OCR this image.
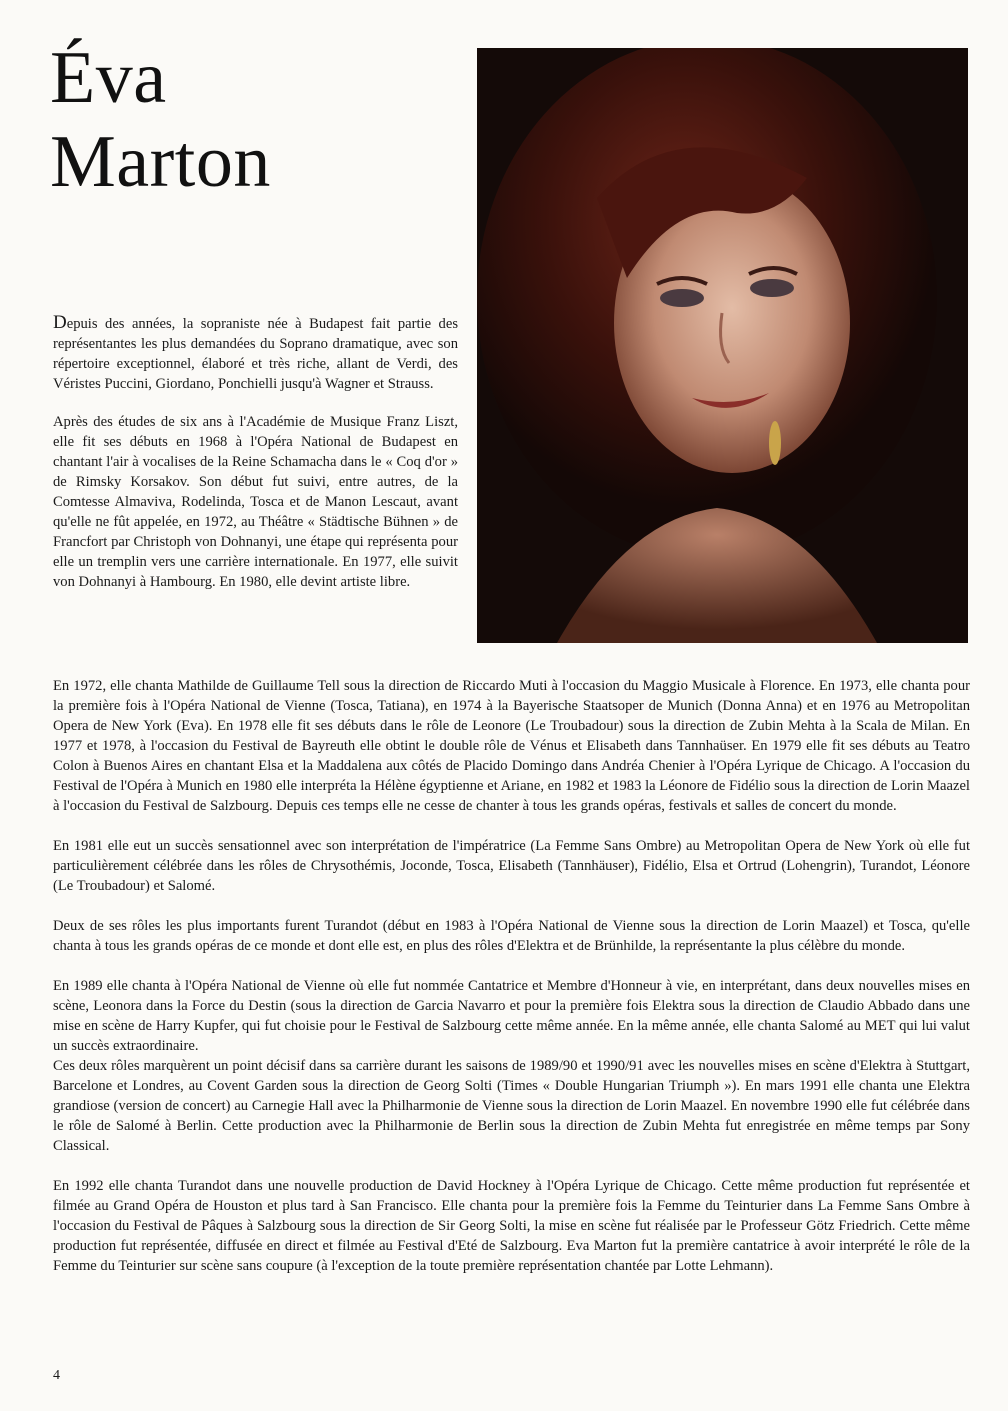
Éva
Marton

Depuis des années, la sopraniste née à Budapest fait partie des représentantes les plus demandées du Soprano dramatique, avec son répertoire exceptionnel, élaboré et très riche, allant de Verdi, des Véristes Puccini, Giordano, Ponchielli jusqu'à Wagner et Strauss.

Après des études de six ans à l'Académie de Musique Franz Liszt, elle fit ses débuts en 1968 à l'Opéra National de Budapest en chantant l'air à vocalises de la Reine Schamacha dans le « Coq d'or » de Rimsky Korsakov. Son début fut suivi, entre autres, de la Comtesse Almaviva, Rodelinda, Tosca et de Manon Lescaut, avant qu'elle ne fût appelée, en 1972, au Théâtre « Städtische Bühnen » de Francfort par Christoph von Dohnanyi, une étape qui représenta pour elle un tremplin vers une carrière internationale. En 1977, elle suivit von Dohnanyi à Hambourg. En 1980, elle devint artiste libre.

En 1972, elle chanta Mathilde de Guillaume Tell sous la direction de Riccardo Muti à l'occasion du Maggio Musicale à Florence. En 1973, elle chanta pour la première fois à l'Opéra National de Vienne (Tosca, Tatiana), en 1974 à la Bayerische Staatsoper de Munich (Donna Anna) et en 1976 au Metropolitan Opera de New York (Eva). En 1978 elle fit ses débuts dans le rôle de Leonore (Le Troubadour) sous la direction de Zubin Mehta à la Scala de Milan. En 1977 et 1978, à l'occasion du Festival de Bayreuth elle obtint le double rôle de Vénus et Elisabeth dans Tannhaüser. En 1979 elle fit ses débuts au Teatro Colon à Buenos Aires en chantant Elsa et la Maddalena aux côtés de Placido Domingo dans Andréa Chenier à l'Opéra Lyrique de Chicago. A l'occasion du Festival de l'Opéra à Munich en 1980 elle interpréta la Hélène égyptienne et Ariane, en 1982 et 1983 la Léonore de Fidélio sous la direction de Lorin Maazel à l'occasion du Festival de Salzbourg. Depuis ces temps elle ne cesse de chanter à tous les grands opéras, festivals et salles de concert du monde.

En 1981 elle eut un succès sensationnel avec son interprétation de l'impératrice (La Femme Sans Ombre) au Metropolitan Opera de New York où elle fut particulièrement célébrée dans les rôles de Chrysothémis, Joconde, Tosca, Elisabeth (Tannhäuser), Fidélio, Elsa et Ortrud (Lohengrin), Turandot, Léonore (Le Troubadour) et Salomé.

Deux de ses rôles les plus importants furent Turandot (début en 1983 à l'Opéra National de Vienne sous la direction de Lorin Maazel) et Tosca, qu'elle chanta à tous les grands opéras de ce monde et dont elle est, en plus des rôles d'Elektra et de Brünhilde, la représentante la plus célèbre du monde.

En 1989 elle chanta à l'Opéra National de Vienne où elle fut nommée Cantatrice et Membre d'Honneur à vie, en interprétant, dans deux nouvelles mises en scène, Leonora dans la Force du Destin (sous la direction de Garcia Navarro et pour la première fois Elektra sous la direction de Claudio Abbado dans une mise en scène de Harry Kupfer, qui fut choisie pour le Festival de Salzbourg cette même année. En la même année, elle chanta Salomé au MET qui lui valut un succès extraordinaire.

Ces deux rôles marquèrent un point décisif dans sa carrière durant les saisons de 1989/90 et 1990/91 avec les nouvelles mises en scène d'Elektra à Stuttgart, Barcelone et Londres, au Covent Garden sous la direction de Georg Solti (Times « Double Hungarian Triumph »). En mars 1991 elle chanta une Elektra grandiose (version de concert) au Carnegie Hall avec la Philharmonie de Vienne sous la direction de Lorin Maazel. En novembre 1990 elle fut célébrée dans le rôle de Salomé à Berlin. Cette production avec la Philharmonie de Berlin sous la direction de Zubin Mehta fut enregistrée en même temps par Sony Classical.

En 1992 elle chanta Turandot dans une nouvelle production de David Hockney à l'Opéra Lyrique de Chicago. Cette même production fut représentée et filmée au Grand Opéra de Houston et plus tard à San Francisco. Elle chanta pour la première fois la Femme du Teinturier dans La Femme Sans Ombre à l'occasion du Festival de Pâques à Salzbourg sous la direction de Sir Georg Solti, la mise en scène fut réalisée par le Professeur Götz Friedrich. Cette même production fut représentée, diffusée en direct et filmée au Festival d'Eté de Salzbourg. Eva Marton fut la première cantatrice à avoir interprété le rôle de la Femme du Teinturier sur scène sans coupure (à l'exception de la toute première représentation chantée par Lotte Lehmann).

4
